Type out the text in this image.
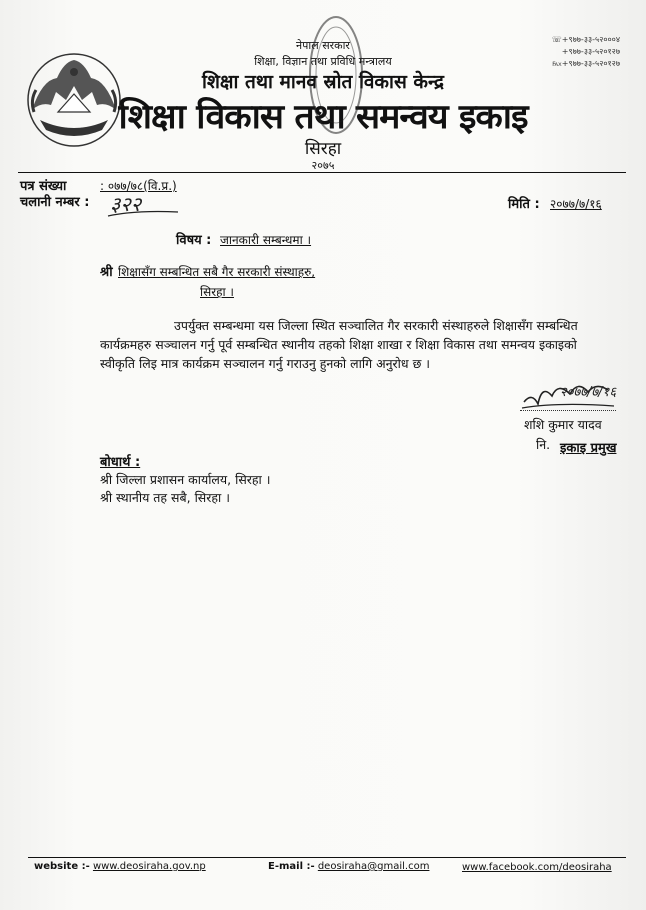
☏+९७७-३३-५२०००४
+९७७-३३-५२०१२७
℻+९७७-३३-५२०१२७
नेपाल सरकार
शिक्षा, विज्ञान तथा प्रविधि मन्त्रालय
शिक्षा तथा मानव स्रोत विकास केन्द्र
शिक्षा विकास तथा समन्वय इकाइ
सिरहा
२०७५
पत्र संख्या	: ०७७/७८(वि.प्र.)
चलानी नम्बर : ३२२	मिति : २०७७/७/१६
विषय : जानकारी सम्बन्धमा ।
श्री शिक्षासँग सम्बन्धित सबै गैर सरकारी संस्थाहरु,
सिरहा ।
उपर्युक्त सम्बन्धमा यस जिल्ला स्थित सञ्चालित गैर सरकारी संस्थाहरुले शिक्षासँग सम्बन्धित
कार्यक्रमहरु सञ्चालन गर्नु पूर्व सम्बन्धित स्थानीय तहको शिक्षा शाखा र शिक्षा विकास तथा समन्वय इकाइको
स्वीकृति लिइ मात्र कार्यक्रम सञ्चालन गर्नु गराउनु हुनको लागि अनुरोध छ ।
२०७७/७/१६
शशि कुमार यादव
नि. इकाइ प्रमुख
बोधार्थ :
श्री जिल्ला प्रशासन कार्यालय, सिरहा ।
श्री स्थानीय तह सबै, सिरहा ।
website :- www.deosiraha.gov.np	E-mail :- deosiraha@gmail.com	www.facebook.com/deosiraha
